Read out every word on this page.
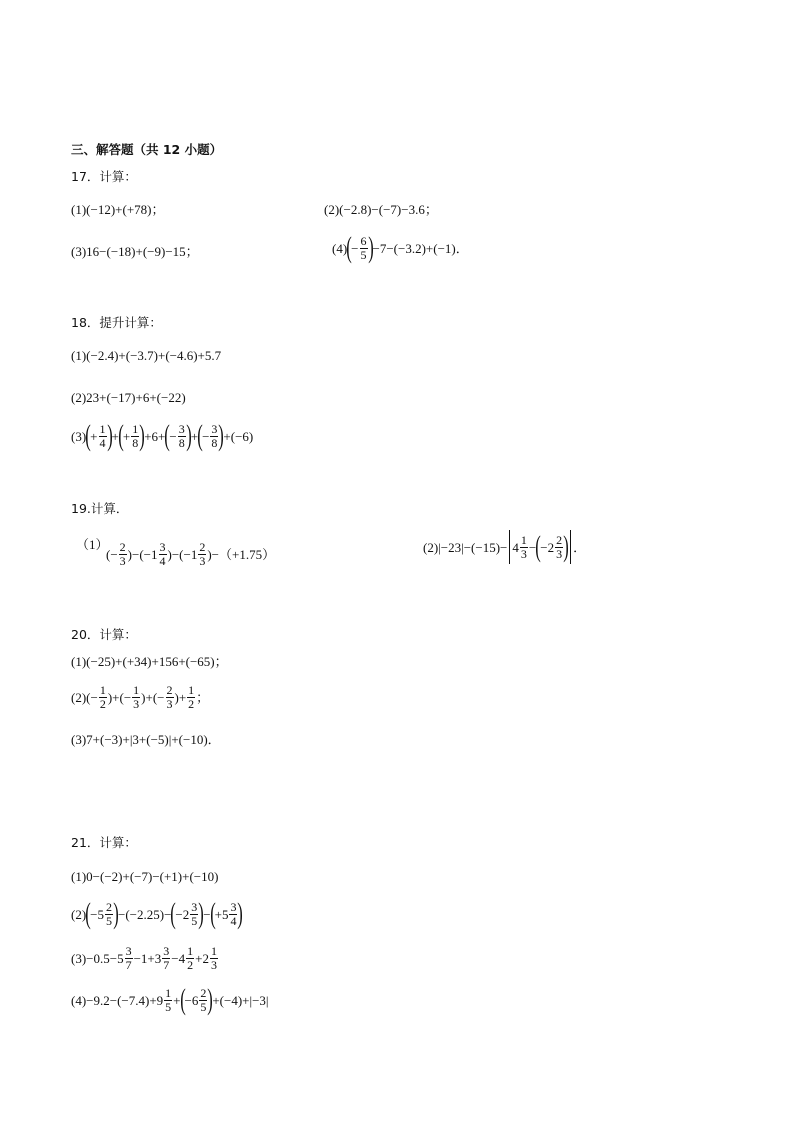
三、解答题（共 12 小题）
17．计算：
(1)(−12)+(+78)；	(2)(−2.8)−(−7)−3.6；
(3)16−(−18)+(−9)−15；	(4) ( − $\frac{6}{5}$ ) −7−(−3.2)+(−1)．
18．提升计算：
(1)(−2.4)+(−3.7)+(−4.6)+5.7
(2)23+(−17)+6+(−22)
(3) ( + $\frac{1}{4}$ ) + ( + $\frac{1}{8}$ ) +6+ ( − $\frac{3}{8}$ ) + ( − $\frac{3}{8}$ ) +(−6)
19.计算．
（1）
(− $\frac{2}{3}$ )−(− $1 \frac{3}{4}$ )−(− $1 \frac{2}{3}$ ) −（+1.75）	(2) $|-23|-(-15)- 4 \frac{1}{3}$ − ( − $2 \frac{2}{3}$ ) ．
20．计算：
(1)(−25)+(+34)+156+(−65)；
(2) (− $\frac{1}{2}$ )+(− $\frac{1}{3}$ )+(− $\frac{2}{3}$ )+ $\frac{1}{2}$ ；
(3)7+(−3)+|3+(−5)|+(−10)．
21．计算：
(1)0−(−2)+(−7)−(+1)+(−10)
(2) ( − $5 \frac{2}{5}$ ) −(−2.25)− ( − $2 \frac{3}{5}$ ) − ( + $5 \frac{3}{4}$ )
$(3) -0.5-5 \frac{3}{7} -1+3 \frac{3}{7} -4 \frac{1}{2} +2 \frac{1}{3}$
$(4) -9.2-(-7.4)+9 \frac{1}{5}$ + ( − $6 \frac{2}{5}$ ) +(−4)+|−3|
